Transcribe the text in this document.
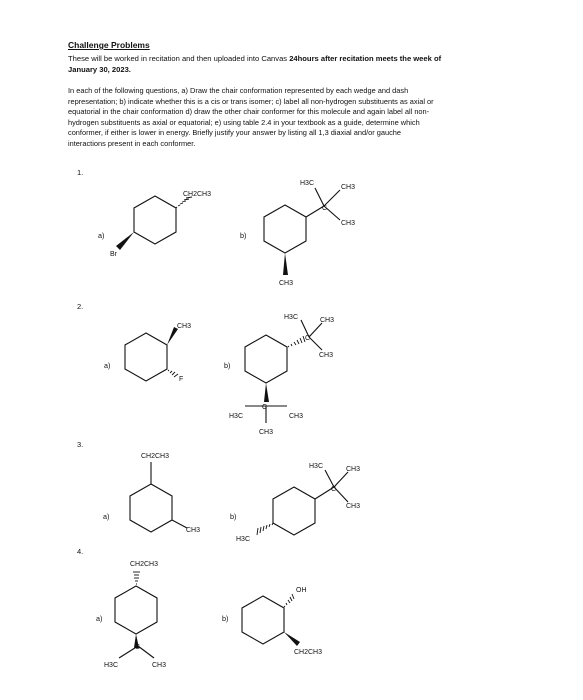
Challenge Problems
These will be worked in recitation and then uploaded into Canvas 24hours after recitation meets the week of
January 30, 2023.
In each of the following questions, a) Draw the chair conformation represented by each wedge and dash
representation; b) indicate whether this is a cis or trans isomer; c) label all non-hydrogen substituents as axial or
equatorial in the chair conformation d) draw the other chair conformer for this molecule and again label all non-
hydrogen substituents as axial or equatorial; e) using table 2.4 in your textbook as a guide, determine which
conformer, if either is lower in energy. Briefly justify your answer by listing all 1,3 diaxial and/or gauche
interactions present in each conformer.
1.
a)	b)
2.
a)	b)
3.
a)	b)
4.
a)	b)
Br
CH2CH3
H3C
CH3
CH3
C
CH3
CH3
F
H3C	CH3
CH3
C
H3C
C
CH3
CH3
CH2CH3
CH3
H3C	CH3
CH3
C
H3C
CH2CH3
C
H3C	CH3
OH
CH2CH3
